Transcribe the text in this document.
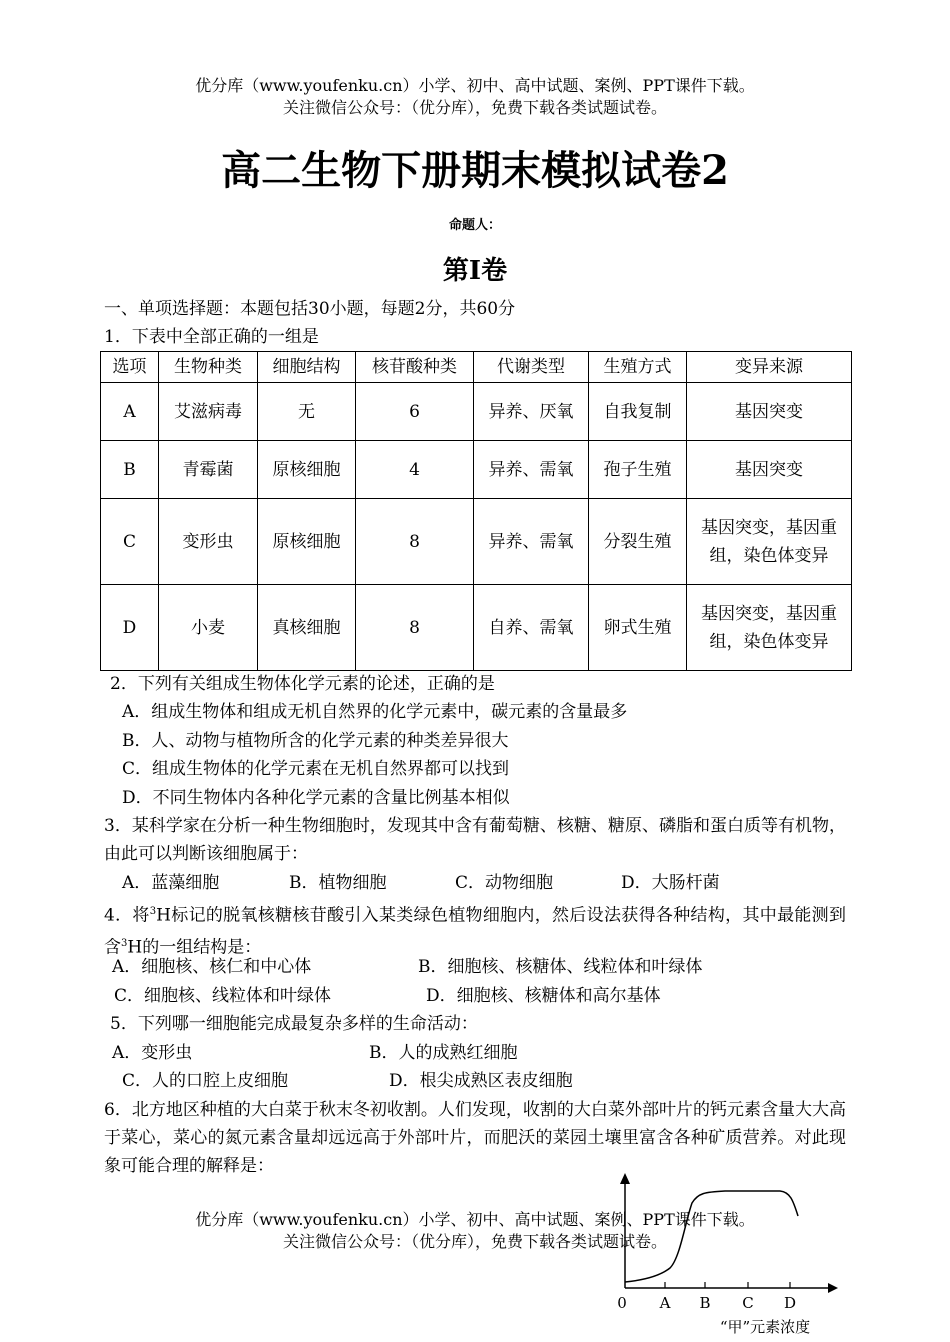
优分库（www.youfenku.cn）小学、初中、高中试题、案例、PPT课件下载。
关注微信公众号：（优分库），免费下载各类试题试卷。
高二生物下册期末模拟试卷2
命题人：
第Ⅰ卷
一、单项选择题：本题包括30小题，每题2分，共60分
1．下表中全部正确的一组是
选项	生物种类	细胞结构	核苷酸种类	代谢类型	生殖方式	变异来源
A	艾滋病毒	无	6	异养、厌氧	自我复制	基因突变
B	青霉菌	原核细胞	4	异养、需氧	孢子生殖	基因突变
C	变形虫	原核细胞	8	异养、需氧	分裂生殖	基因突变，基因重组，染色体变异
D	小麦	真核细胞	8	自养、需氧	卵式生殖	基因突变，基因重组，染色体变异
2．下列有关组成生物体化学元素的论述，正确的是
A．组成生物体和组成无机自然界的化学元素中，碳元素的含量最多
B．人、动物与植物所含的化学元素的种类差异很大
C．组成生物体的化学元素在无机自然界都可以找到
D．不同生物体内各种化学元素的含量比例基本相似
3．某科学家在分析一种生物细胞时，发现其中含有葡萄糖、核糖、糖原、磷脂和蛋白质等有机物，由此可以判断该细胞属于：
A．蓝藻细胞	B．植物细胞	C．动物细胞	D．大肠杆菌
4．将$^3$H标记的脱氧核糖核苷酸引入某类绿色植物细胞内，然后设法获得各种结构，其中最能测到含$^3$H的一组结构是：
A．细胞核、核仁和中心体	B．细胞核、核糖体、线粒体和叶绿体
C．细胞核、线粒体和叶绿体	D．细胞核、核糖体和高尔基体
5．下列哪一细胞能完成最复杂多样的生命活动：
A．变形虫	B．人的成熟红细胞
C．人的口腔上皮细胞	D．根尖成熟区表皮细胞
6．北方地区种植的大白菜于秋末冬初收割。人们发现，收割的大白菜外部叶片的钙元素含量大大高于菜心，菜心的氮元素含量却远远高于外部叶片，而肥沃的菜园土壤里富含各种矿质营养。对此现象可能合理的解释是：
优分库（www.youfenku.cn）小学、初中、高中试题、案例、PPT课件下载。
关注微信公众号：（优分库），免费下载各类试题试卷。
0 A B C D
“甲”元素浓度
